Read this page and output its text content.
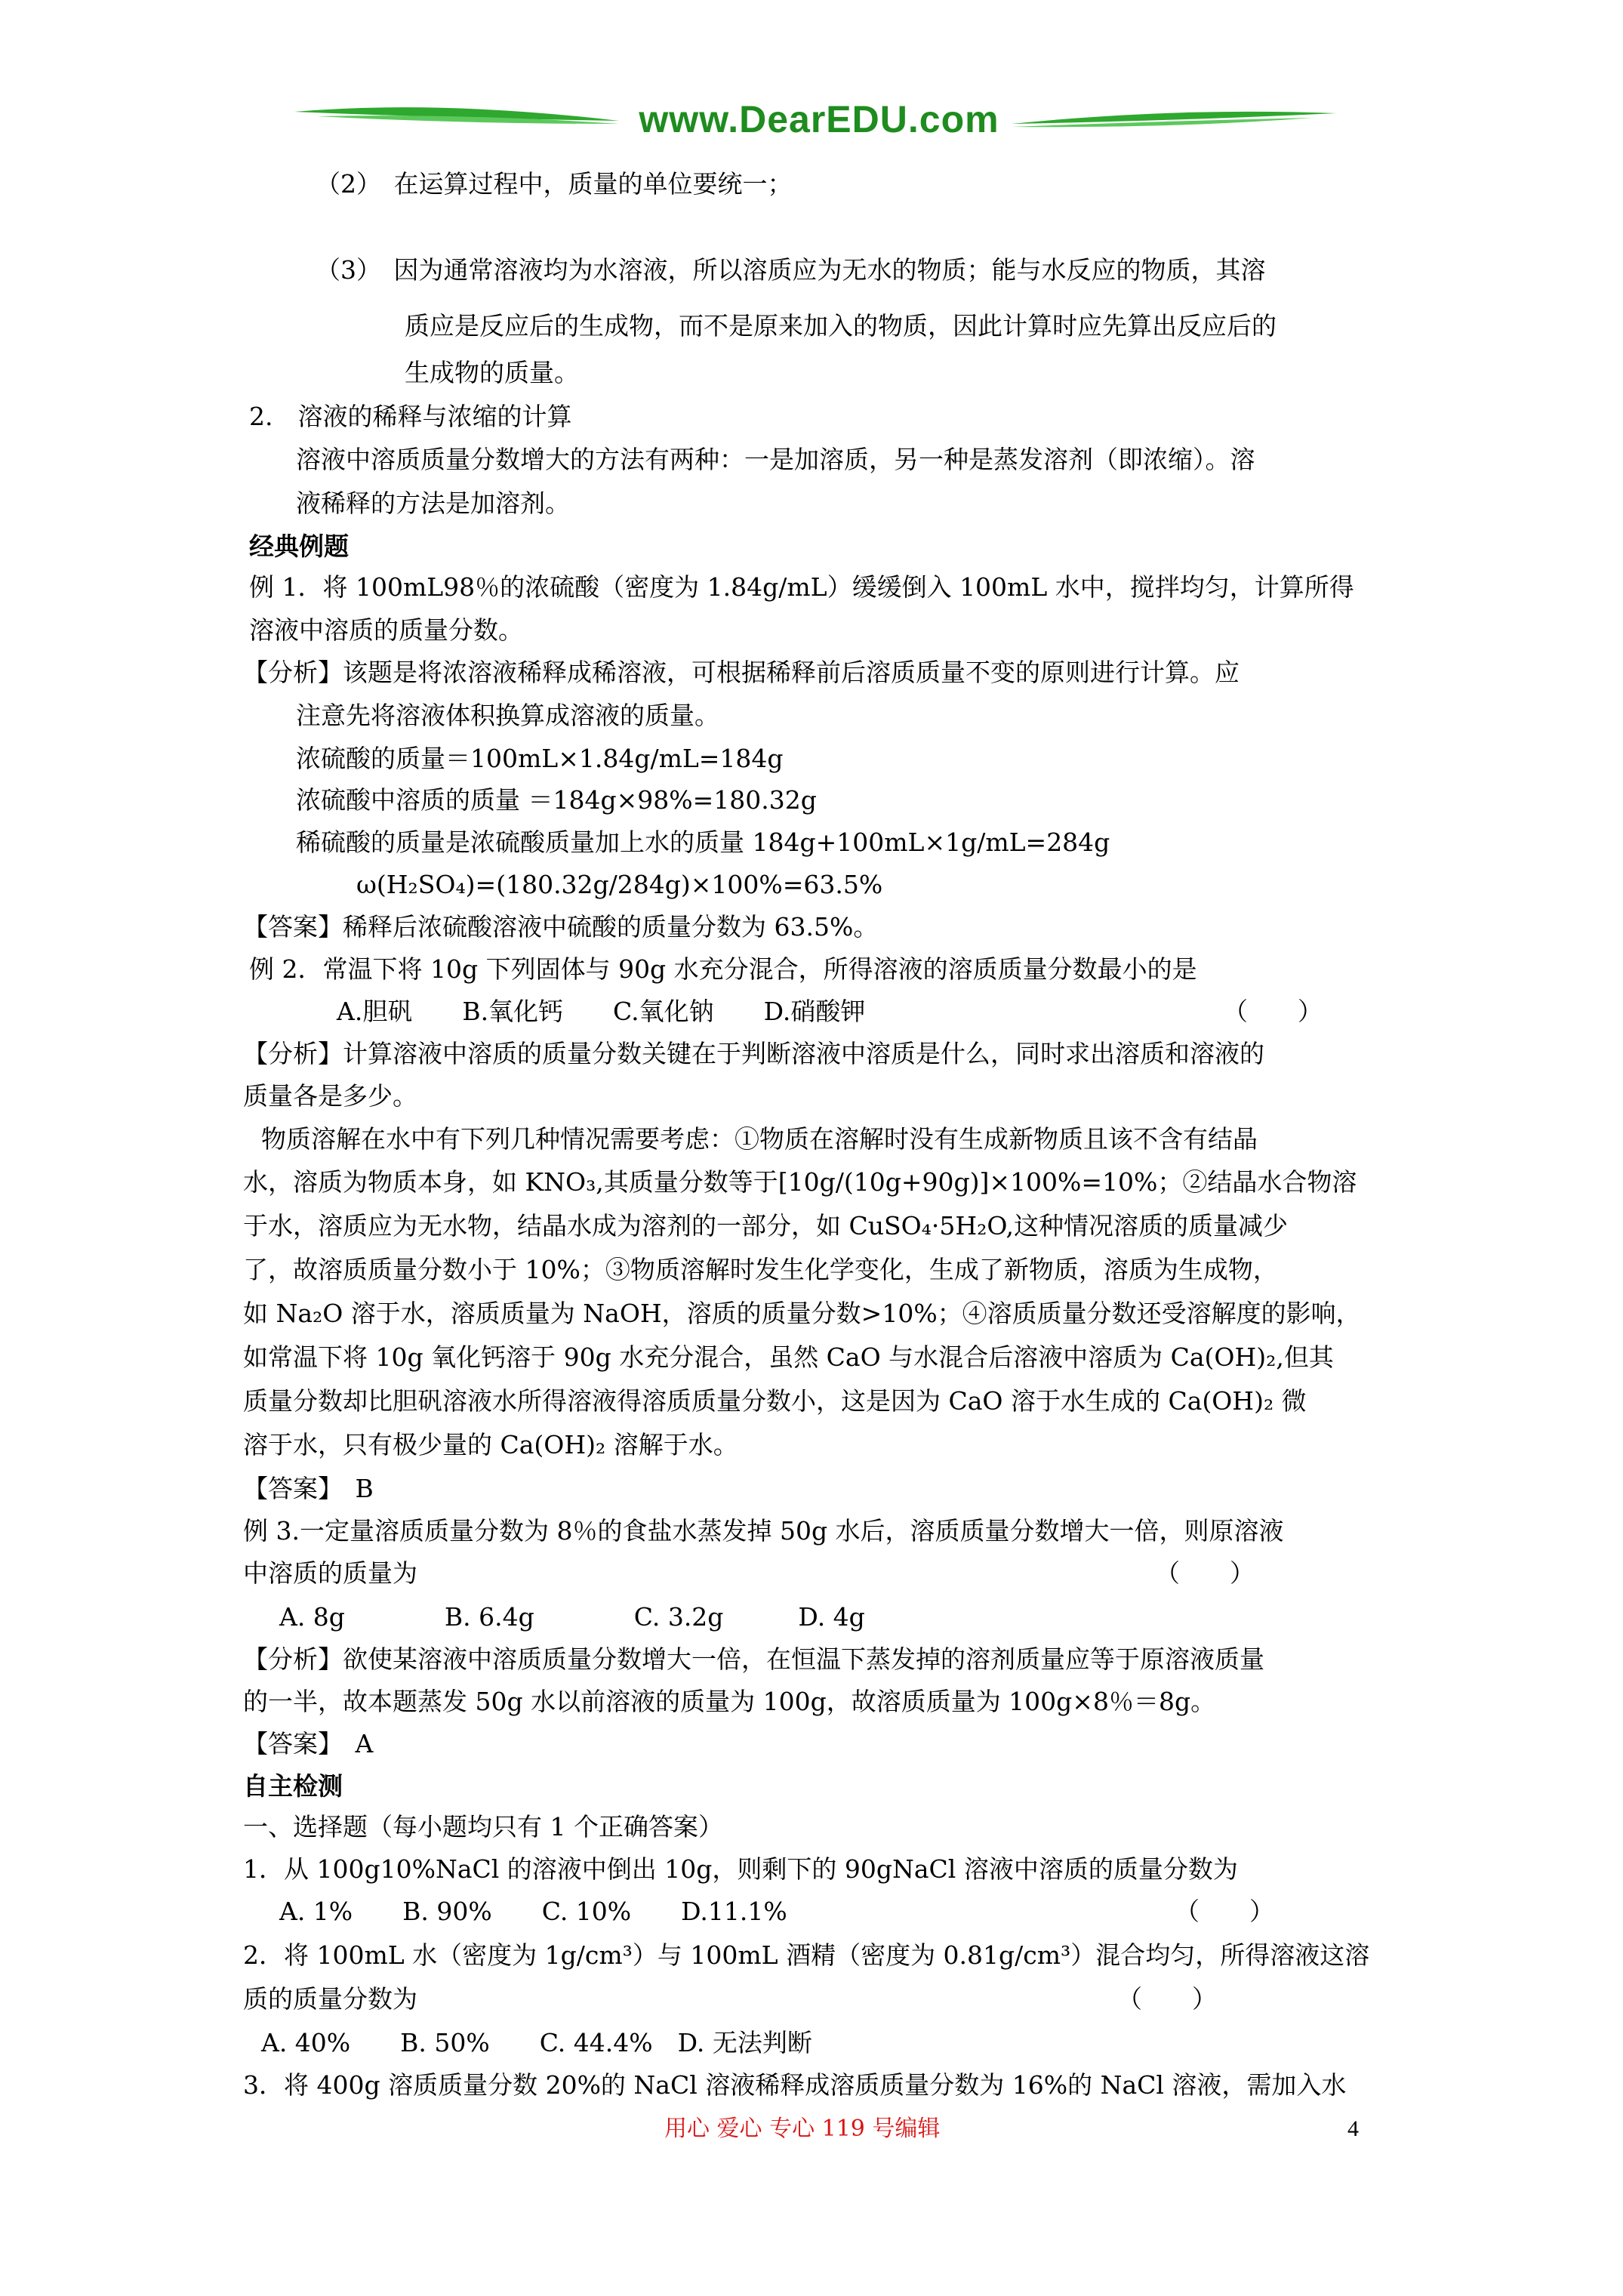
www.DearEDU.com
（2）　在运算过程中，质量的单位要统一；
（3）　因为通常溶液均为水溶液，所以溶质应为无水的物质；能与水反应的物质，其溶
质应是反应后的生成物，而不是原来加入的物质，因此计算时应先算出反应后的
生成物的质量。
2.　溶液的稀释与浓缩的计算
溶液中溶质质量分数增大的方法有两种：一是加溶质，另一种是蒸发溶剂（即浓缩）。溶
液稀释的方法是加溶剂。
经典例题
例 1．将 100mL98％的浓硫酸（密度为 1.84g/mL）缓缓倒入 100mL 水中，搅拌均匀，计算所得
溶液中溶质的质量分数。
【分析】该题是将浓溶液稀释成稀溶液，可根据稀释前后溶质质量不变的原则进行计算。应
注意先将溶液体积换算成溶液的质量。
浓硫酸的质量＝100mL×1.84g/mL=184g
浓硫酸中溶质的质量 ＝184g×98%=180.32g
稀硫酸的质量是浓硫酸质量加上水的质量 184g+100mL×1g/mL=284g
ω(H₂SO₄)=(180.32g/284g)×100%=63.5%
【答案】稀释后浓硫酸溶液中硫酸的质量分数为 63.5%。
例 2．常温下将 10g 下列固体与 90g 水充分混合，所得溶液的溶质质量分数最小的是
A.胆矾　　B.氧化钙　　C.氧化钠　　D.硝酸钾	（　　）
【分析】计算溶液中溶质的质量分数关键在于判断溶液中溶质是什么，同时求出溶质和溶液的
质量各是多少。
物质溶解在水中有下列几种情况需要考虑：①物质在溶解时没有生成新物质且该不含有结晶
水，溶质为物质本身，如 KNO₃,其质量分数等于[10g/(10g+90g)]×100%=10%；②结晶水合物溶
于水，溶质应为无水物，结晶水成为溶剂的一部分，如 CuSO₄·5H₂O,这种情况溶质的质量减少
了，故溶质质量分数小于 10%；③物质溶解时发生化学变化，生成了新物质，溶质为生成物，
如 Na₂O 溶于水，溶质质量为 NaOH，溶质的质量分数>10%；④溶质质量分数还受溶解度的影响，
如常温下将 10g 氧化钙溶于 90g 水充分混合，虽然 CaO 与水混合后溶液中溶质为 Ca(OH)₂,但其
质量分数却比胆矾溶液水所得溶液得溶质质量分数小，这是因为 CaO 溶于水生成的 Ca(OH)₂ 微
溶于水，只有极少量的 Ca(OH)₂ 溶解于水。
【答案】　B
例 3.一定量溶质质量分数为 8％的食盐水蒸发掉 50g 水后，溶质质量分数增大一倍，则原溶液
中溶质的质量为	（　　）
A. 8g　　　　B. 6.4g　　　　C. 3.2g　　　D. 4g
【分析】欲使某溶液中溶质质量分数增大一倍，在恒温下蒸发掉的溶剂质量应等于原溶液质量
的一半，故本题蒸发 50g 水以前溶液的质量为 100g，故溶质质量为 100g×8％＝8g。
【答案】　A
自主检测
一、选择题（每小题均只有 1 个正确答案）
1．从 100g10%NaCl 的溶液中倒出 10g，则剩下的 90gNaCl 溶液中溶质的质量分数为
A. 1%　　B. 90%　　C. 10%　　D.11.1%	（　　）
2．将 100mL 水（密度为 1g/cm³）与 100mL 酒精（密度为 0.81g/cm³）混合均匀，所得溶液这溶
质的质量分数为	（　　）
A. 40%　　B. 50%　　C. 44.4%　D. 无法判断
3．将 400g 溶质质量分数 20%的 NaCl 溶液稀释成溶质质量分数为 16%的 NaCl 溶液，需加入水
用心 爱心 专心 119 号编辑	4
